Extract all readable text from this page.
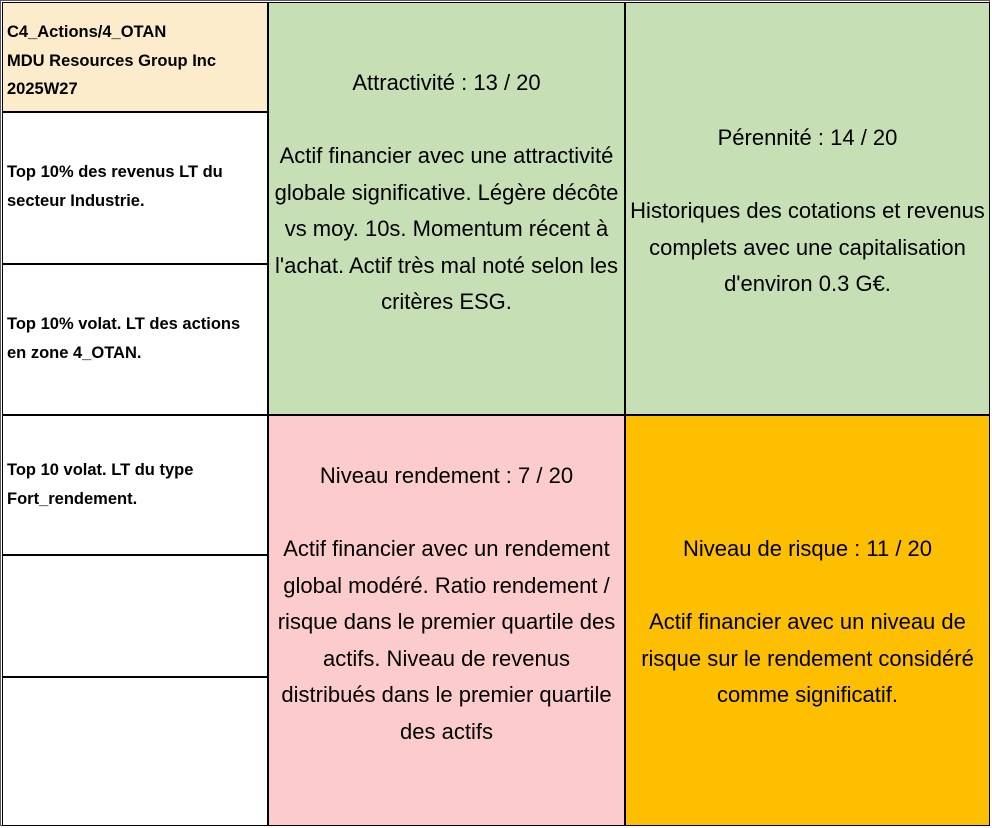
C4_Actions/4_OTAN
MDU Resources Group Inc
2025W27
Top 10% des revenus LT du secteur Industrie.
Top 10% volat. LT des actions en zone 4_OTAN.
Top 10 volat. LT du type Fort_rendement.
Attractivité : 13 / 20
Actif financier avec une attractivité globale significative. Légère décôte vs moy. 10s. Momentum récent à l'achat. Actif très mal noté selon les critères ESG.
Pérennité : 14 / 20
Historiques des cotations et revenus complets avec une capitalisation d'environ 0.3 G€.
Niveau rendement : 7 / 20
Actif financier avec un rendement global modéré. Ratio rendement / risque dans le premier quartile des actifs. Niveau de revenus distribués dans le premier quartile des actifs
Niveau de risque : 11 / 20
Actif financier avec un niveau de risque sur le rendement considéré comme significatif.
